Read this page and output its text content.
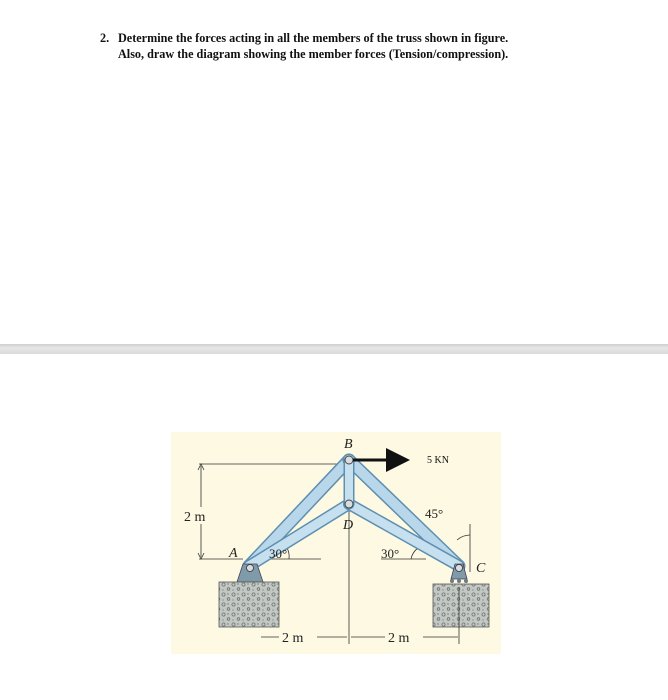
2. Determine the forces acting in all the members of the truss shown in figure.
Also, draw the diagram showing the member forces (Tension/compression).
2 m
5 KN
45°
B
D
A
C
30°	30°
2 m	2 m
